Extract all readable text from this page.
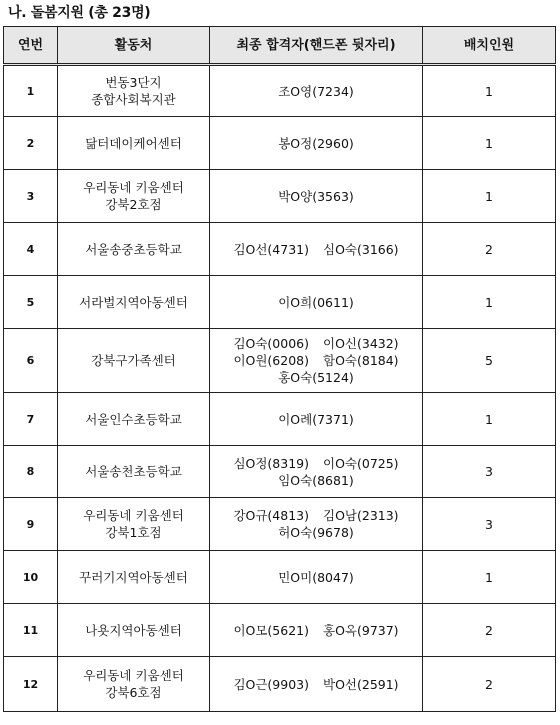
나. 돌봄지원 (총 23명)
연번	활동처	최종 합격자(핸드폰 뒷자리)	배치인원
1	번동3단지
종합사회복지관	조O영(7234)	1
2	닮터데이케어센터	봉O정(2960)	1
3	우리동네 키움센터
강북2호점	박O양(3563)	1
4	서울송중초등학교	김O선(4731) 심O숙(3166)	2
5	서라벌지역아동센터	이O희(0611)	1
6	강북구가족센터	김O숙(0006) 이O신(3432)
이O원(6208) 함O숙(8184)
홍O숙(5124)	5
7	서울인수초등학교	이O례(7371)	1
8	서울송천초등학교	심O정(8319) 이O숙(0725)
임O숙(8681)	3
9	우리동네 키움센터
강북1호점	강O규(4813) 김O남(2313)
허O숙(9678)	3
10	꾸러기지역아동센터	민O미(8047)	1
11	나욧지역아동센터	이O모(5621) 홍O옥(9737)	2
12	우리동네 키움센터
강북6호점	김O근(9903) 박O선(2591)	2
